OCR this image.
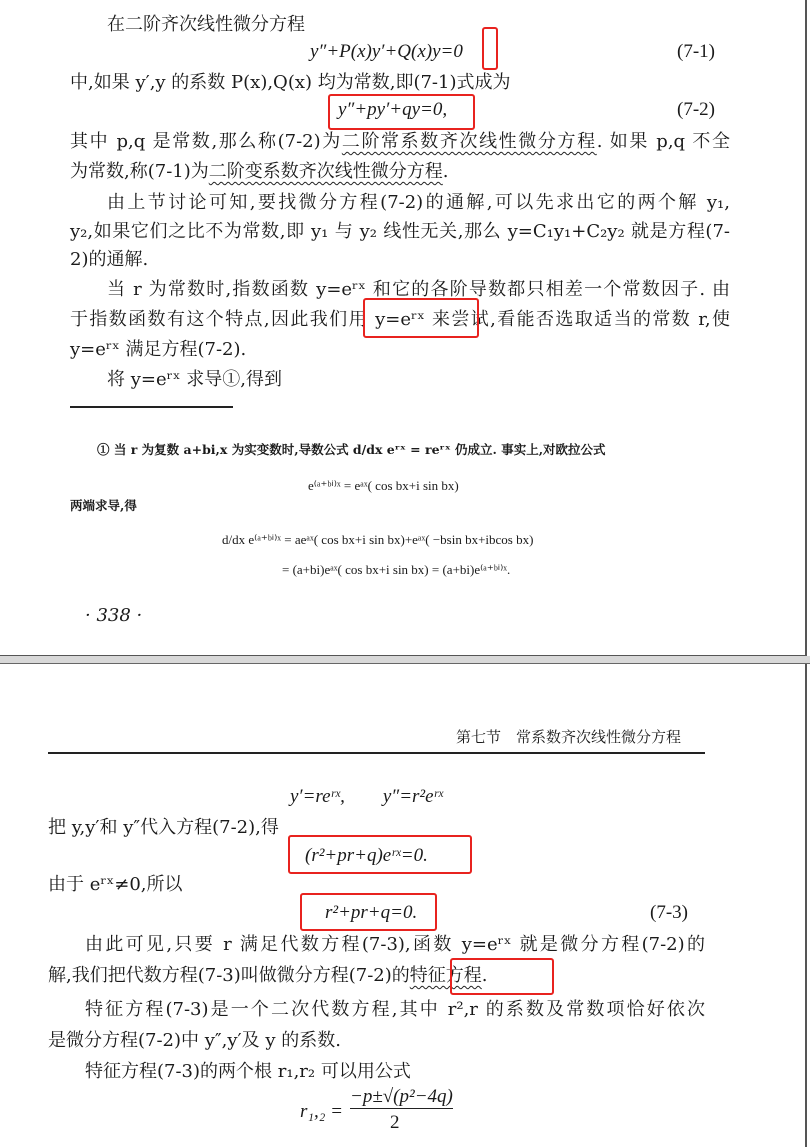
在二阶齐次线性微分方程
y″+P(x)y′+Q(x)y=0	(7-1)
中,如果 y′,y 的系数 P(x),Q(x) 均为常数,即(7-1)式成为
y″+py′+qy=0,	(7-2)
其中 p,q 是常数,那么称(7-2)为二阶常系数齐次线性微分方程. 如果 p,q 不全
为常数,称(7-1)为二阶变系数齐次线性微分方程.
由上节讨论可知,要找微分方程(7-2)的通解,可以先求出它的两个解 y₁,
y₂,如果它们之比不为常数,即 y₁ 与 y₂ 线性无关,那么 y=C₁y₁+C₂y₂ 就是方程(7-
2)的通解.
当 r 为常数时,指数函数 y=eʳˣ 和它的各阶导数都只相差一个常数因子. 由
于指数函数有这个特点,因此我们用 y=eʳˣ 来尝试,看能否选取适当的常数 r,使
y=eʳˣ 满足方程(7-2).
将 y=eʳˣ 求导①,得到
① 当 r 为复数 a+bi,x 为实变数时,导数公式 d/dx eʳˣ = reʳˣ 仍成立. 事实上,对欧拉公式
e⁽ᵃ⁺ᵇⁱ⁾ˣ = eᵃˣ( cos bx+i sin bx)
两端求导,得
d/dx e⁽ᵃ⁺ᵇⁱ⁾ˣ = aeᵃˣ( cos bx+i sin bx)+eᵃˣ( −bsin bx+ibcos bx)
= (a+bi)eᵃˣ( cos bx+i sin bx) = (a+bi)e⁽ᵃ⁺ᵇⁱ⁾ˣ.
· 338 ·
第七节　常系数齐次线性微分方程
y′=reʳˣ,　　y″=r²eʳˣ
把 y,y′和 y″代入方程(7-2),得
(r²+pr+q)eʳˣ=0.
由于 eʳˣ≠0,所以
r²+pr+q=0.	(7-3)
由此可见,只要 r 满足代数方程(7-3),函数 y=eʳˣ 就是微分方程(7-2)的
解,我们把代数方程(7-3)叫做微分方程(7-2)的特征方程.
特征方程(7-3)是一个二次代数方程,其中 r²,r 的系数及常数项恰好依次
是微分方程(7-2)中 y″,y′及 y 的系数.
特征方程(7-3)的两个根 r₁,r₂ 可以用公式
r₁,₂ =
−p±√(p²−4q)
2
